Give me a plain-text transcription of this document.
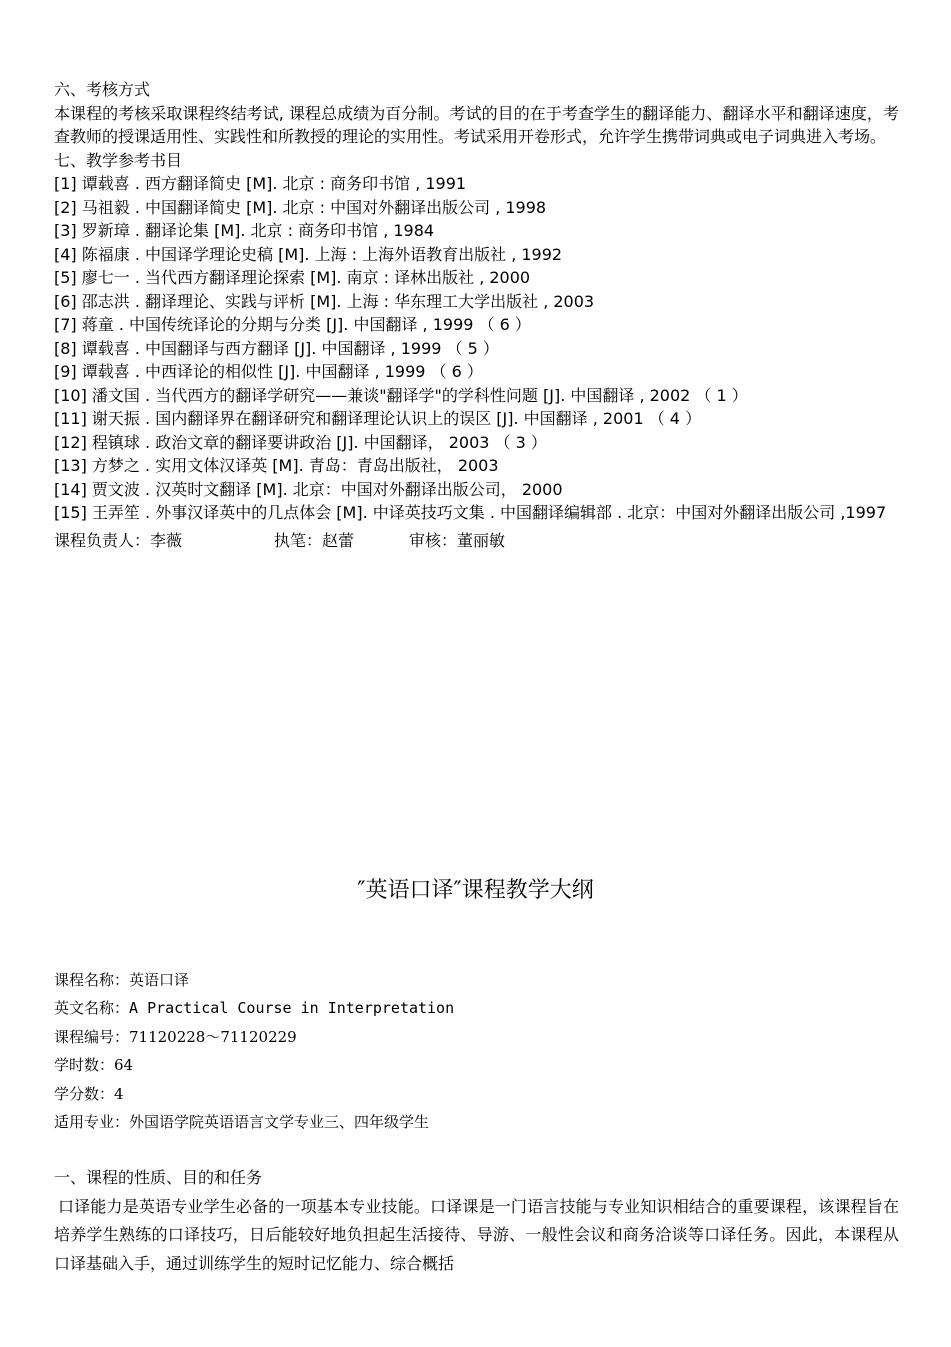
六、考核方式
本课程的考核采取课程终结考试, 课程总成绩为百分制。考试的目的在于考查学生的翻译能力、翻译水平和翻译速度，考查教师的授课适用性、实践性和所教授的理论的实用性。考试采用开卷形式，允许学生携带词典或电子词典进入考场。
七、教学参考书目
[1] 谭载喜 . 西方翻译简史 [M]. 北京 : 商务印书馆 , 1991
[2] 马祖毅 . 中国翻译简史 [M]. 北京 : 中国对外翻译出版公司 , 1998
[3] 罗新璋 . 翻译论集 [M]. 北京 : 商务印书馆 , 1984
[4] 陈福康 . 中国译学理论史稿 [M]. 上海 : 上海外语教育出版社 , 1992
[5] 廖七一 . 当代西方翻译理论探索 [M]. 南京 : 译林出版社 , 2000
[6] 邵志洪 . 翻译理论、实践与评析 [M]. 上海 : 华东理工大学出版社 , 2003
[7] 蒋童 . 中国传统译论的分期与分类 [J]. 中国翻译 , 1999 （ 6 ）
[8] 谭载喜 . 中国翻译与西方翻译 [J]. 中国翻译 , 1999 （ 5 ）
[9] 谭载喜 . 中西译论的相似性 [J]. 中国翻译 , 1999 （ 6 ）
[10] 潘文国 . 当代西方的翻译学研究——兼谈"翻译学"的学科性问题 [J]. 中国翻译 , 2002 （ 1 ）
[11] 谢天振 . 国内翻译界在翻译研究和翻译理论认识上的误区 [J]. 中国翻译 , 2001 （ 4 ）
[12] 程镇球 . 政治文章的翻译要讲政治 [J]. 中国翻译， 2003 （ 3 ）
[13] 方梦之 . 实用文体汉译英 [M]. 青岛：青岛出版社， 2003
[14] 贾文波 . 汉英时文翻译 [M]. 北京：中国对外翻译出版公司， 2000
[15] 王弄笙 . 外事汉译英中的几点体会 [M]. 中译英技巧文集 . 中国翻译编辑部 . 北京：中国对外翻译出版公司 ,1997
课程负责人：李薇	执笔：赵蕾	审核：董丽敏
″英语口译″课程教学大纲
课程名称：英语口译
英文名称：A Practical Course in Interpretation
课程编号：71120228～71120229
学时数：64
学分数：4
适用专业：外国语学院英语语言文学专业三、四年级学生
一、课程的性质、目的和任务
口译能力是英语专业学生必备的一项基本专业技能。口译课是一门语言技能与专业知识相结合的重要课程，该课程旨在培养学生熟练的口译技巧，日后能较好地负担起生活接待、导游、一般性会议和商务洽谈等口译任务。因此，本课程从口译基础入手，通过训练学生的短时记忆能力、综合概括
